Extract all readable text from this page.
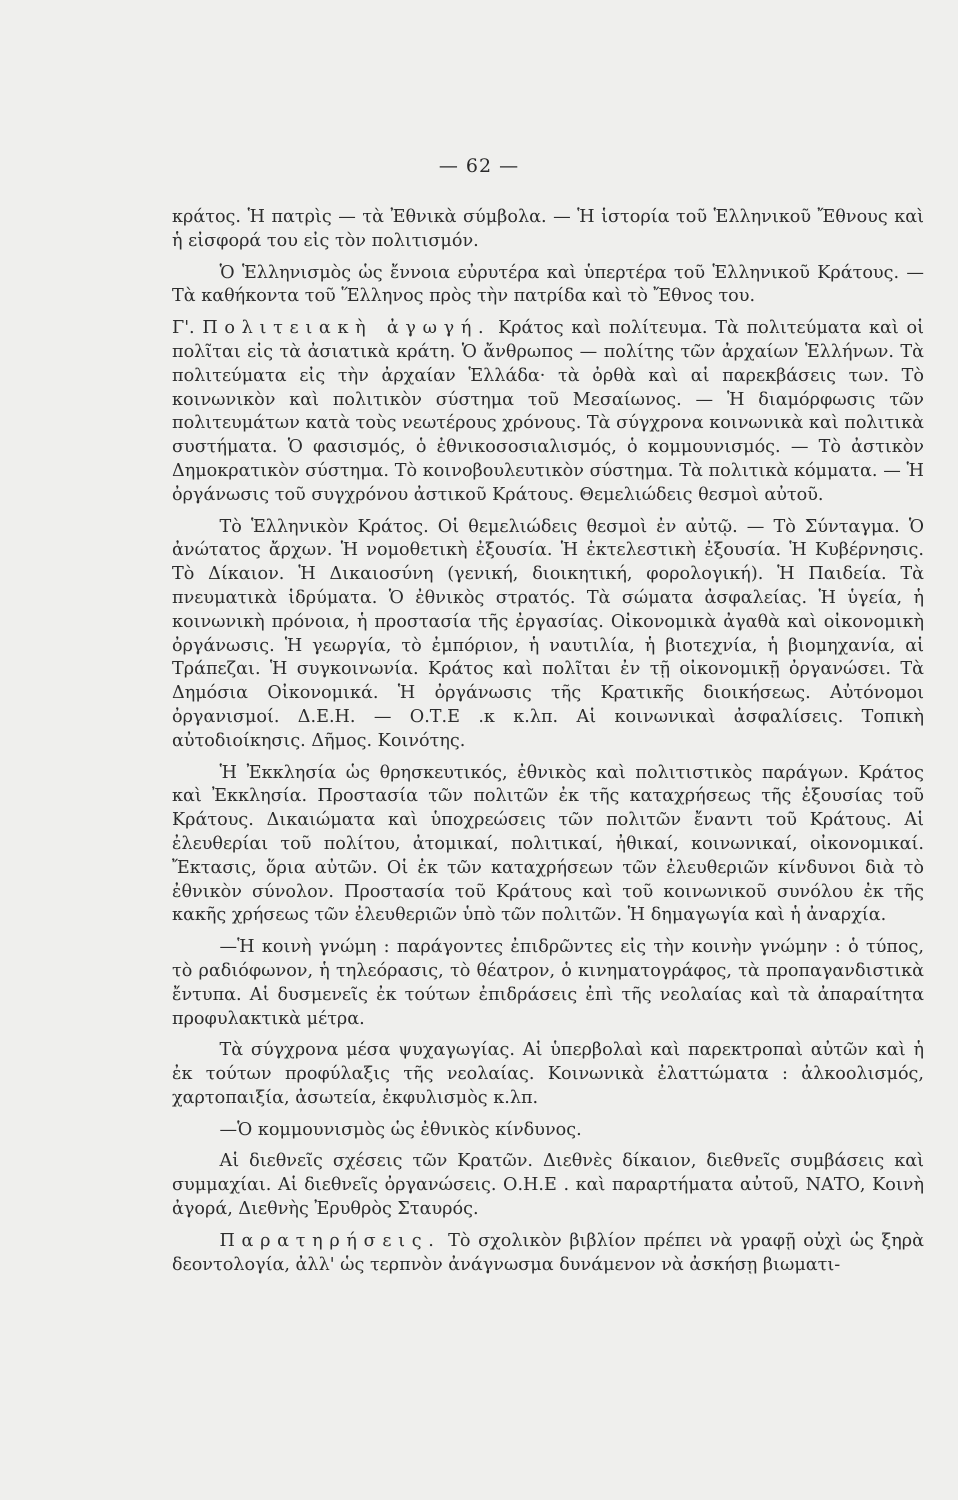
— 62 —

κράτος. Ἡ πατρὶς — τὰ Ἐθνικὰ σύμβολα. — Ἡ ἱστορία τοῦ Ἑλληνικοῦ Ἔθνους καὶ ἡ εἰσφορά του εἰς τὸν πολιτισμόν.

Ὁ Ἑλληνισμὸς ὡς ἔννοια εὐρυτέρα καὶ ὑπερτέρα τοῦ Ἑλληνικοῦ Κράτους. — Τὰ καθήκοντα τοῦ Ἕλληνος πρὸς τὴν πατρίδα καὶ τὸ Ἔθνος του.

Γ'. Πολιτειακὴ ἀγωγή. Κράτος καὶ πολίτευμα. Τὰ πολιτεύματα καὶ οἱ πολῖται εἰς τὰ ἀσιατικὰ κράτη. Ὁ ἄνθρωπος — πολίτης τῶν ἀρχαίων Ἑλλήνων. Τὰ πολιτεύματα εἰς τὴν ἀρχαίαν Ἑλλάδα· τὰ ὀρθὰ καὶ αἱ παρεκβάσεις των. Τὸ κοινωνικὸν καὶ πολιτικὸν σύστημα τοῦ Μεσαίωνος. — Ἡ διαμόρφωσις τῶν πολιτευμάτων κατὰ τοὺς νεωτέρους χρόνους. Τὰ σύγχρονα κοινωνικὰ καὶ πολιτικὰ συστήματα. Ὁ φασισμός, ὁ ἐθνικοσοσιαλισμός, ὁ κομμουνισμός. — Τὸ ἀστικὸν Δημοκρατικὸν σύστημα. Τὸ κοινοβουλευτικὸν σύστημα. Τὰ πολιτικὰ κόμματα. — Ἡ ὀργάνωσις τοῦ συγχρόνου ἀστικοῦ Κράτους. Θεμελιώδεις θεσμοὶ αὐτοῦ.

Τὸ Ἑλληνικὸν Κράτος. Οἱ θεμελιώδεις θεσμοὶ ἐν αὐτῷ. — Τὸ Σύνταγμα. Ὁ ἀνώτατος ἄρχων. Ἡ νομοθετικὴ ἐξουσία. Ἡ ἐκτελεστικὴ ἐξουσία. Ἡ Κυβέρνησις. Τὸ Δίκαιον. Ἡ Δικαιοσύνη (γενική, διοικητική, φορολογική). Ἡ Παιδεία. Τὰ πνευματικὰ ἱδρύματα. Ὁ ἐθνικὸς στρατός. Τὰ σώματα ἀσφαλείας. Ἡ ὑγεία, ἡ κοινωνικὴ πρόνοια, ἡ προστασία τῆς ἐργασίας. Οἰκονομικὰ ἀγαθὰ καὶ οἰκονομικὴ ὀργάνωσις. Ἡ γεωργία, τὸ ἐμπόριον, ἡ ναυτιλία, ἡ βιοτεχνία, ἡ βιομηχανία, αἱ Τράπεζαι. Ἡ συγκοινωνία. Κράτος καὶ πολῖται ἐν τῇ οἰκονομικῇ ὀργανώσει. Τὰ Δημόσια Οἰκονομικά. Ἡ ὀργάνωσις τῆς Κρατικῆς διοικήσεως. Αὐτόνομοι ὀργανισμοί. Δ.Ε.Η. — Ο.Τ.Ε .κ κ.λπ. Αἱ κοινωνικαὶ ἀσφαλίσεις. Τοπικὴ αὐτοδιοίκησις. Δῆμος. Κοινότης.

Ἡ Ἐκκλησία ὡς θρησκευτικός, ἐθνικὸς καὶ πολιτιστικὸς παράγων. Κράτος καὶ Ἐκκλησία. Προστασία τῶν πολιτῶν ἐκ τῆς καταχρήσεως τῆς ἐξουσίας τοῦ Κράτους. Δικαιώματα καὶ ὑποχρεώσεις τῶν πολιτῶν ἔναντι τοῦ Κράτους. Αἱ ἐλευθερίαι τοῦ πολίτου, ἀτομικαί, πολιτικαί, ἠθικαί, κοινωνικαί, οἰκονομικαί. Ἔκτασις, ὅρια αὐτῶν. Οἱ ἐκ τῶν καταχρήσεων τῶν ἐλευθεριῶν κίνδυνοι διὰ τὸ ἐθνικὸν σύνολον. Προστασία τοῦ Κράτους καὶ τοῦ κοινωνικοῦ συνόλου ἐκ τῆς κακῆς χρήσεως τῶν ἐλευθεριῶν ὑπὸ τῶν πολιτῶν. Ἡ δημαγωγία καὶ ἡ ἀναρχία.

—Ἡ κοινὴ γνώμη : παράγοντες ἐπιδρῶντες εἰς τὴν κοινὴν γνώμην : ὁ τύπος, τὸ ραδιόφωνον, ἡ τηλεόρασις, τὸ θέατρον, ὁ κινηματογράφος, τὰ προπαγανδιστικὰ ἔντυπα. Αἱ δυσμενεῖς ἐκ τούτων ἐπιδράσεις ἐπὶ τῆς νεολαίας καὶ τὰ ἀπαραίτητα προφυλακτικὰ μέτρα.

Τὰ σύγχρονα μέσα ψυχαγωγίας. Αἱ ὑπερβολαὶ καὶ παρεκτροπαὶ αὐτῶν καὶ ἡ ἐκ τούτων προφύλαξις τῆς νεολαίας. Κοινωνικὰ ἐλαττώματα : ἀλκοολισμός, χαρτοπαιξία, ἀσωτεία, ἐκφυλισμὸς κ.λπ.

—Ὁ κομμουνισμὸς ὡς ἐθνικὸς κίνδυνος.

Αἱ διεθνεῖς σχέσεις τῶν Κρατῶν. Διεθνὲς δίκαιον, διεθνεῖς συμβάσεις καὶ συμμαχίαι. Αἱ διεθνεῖς ὀργανώσεις. Ο.Η.Ε . καὶ παραρτήματα αὐτοῦ, ΝΑΤΟ, Κοινὴ ἀγορά, Διεθνὴς Ἐρυθρὸς Σταυρός.

Παρατηρήσεις. Τὸ σχολικὸν βιβλίον πρέπει νὰ γραφῇ οὐχὶ ὡς ξηρὰ δεοντολογία, ἀλλ' ὡς τερπνὸν ἀνάγνωσμα δυνάμενον νὰ ἀσκήσῃ βιωματι-
